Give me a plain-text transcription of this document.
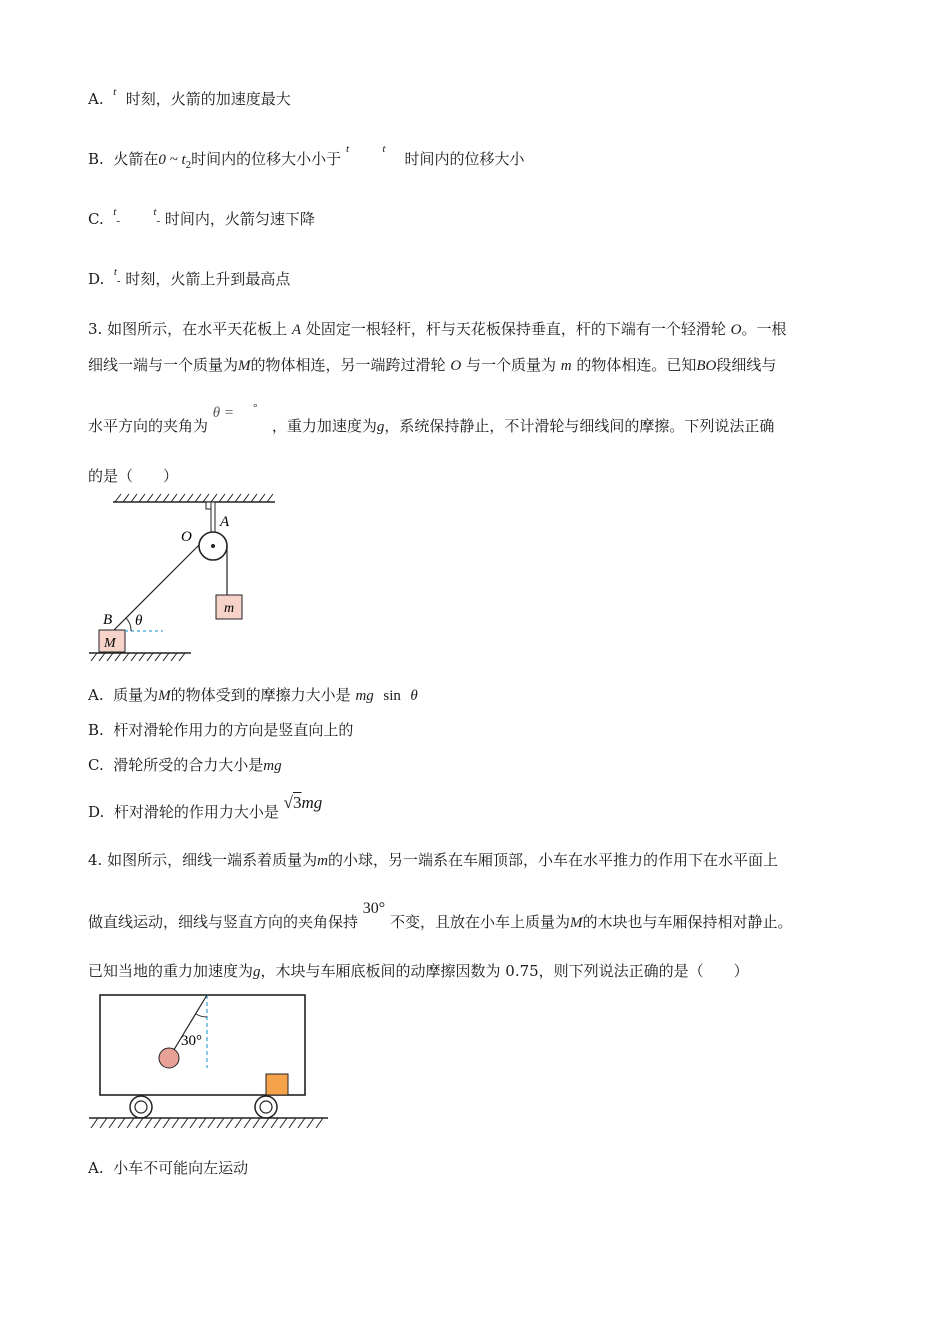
A. $^t$ 时刻，火箭的加速度最大
B. 火箭在0 ~ $t_2$时间内的位移大小小于 $^t$	$^t$    时间内的位移大小
C. $^t$-       $^t$- 时间内，火箭匀速下降
D. $^t$- 时刻，火箭上升到最高点
3. 如图所示，在水平天花板上 A 处固定一根轻杆，杆与天花板保持垂直，杆的下端有一个轻滑轮 O。一根
细线一端与一个质量为M的物体相连，另一端跨过滑轮 O 与一个质量为 m 的物体相连。已知BO段细线与
水平方向的夹角为 θ = °   ，重力加速度为g，系统保持静止，不计滑轮与细线间的摩擦。下列说法正确
的是（　　）
m
M
O
A
B θ
A. 质量为M的物体受到的摩擦力大小是 mg sin θ
B. 杆对滑轮作用力的方向是竖直向上的
C. 滑轮所受的合力大小是mg
D. 杆对滑轮的作用力大小是 √3mg
4. 如图所示，细线一端系着质量为m的小球，另一端系在车厢顶部，小车在水平推力的作用下在水平面上
做直线运动，细线与竖直方向的夹角保持 30° 不变，且放在小车上质量为M的木块也与车厢保持相对静止。
已知当地的重力加速度为g，木块与车厢底板间的动摩擦因数为 0.75，则下列说法正确的是（　　）
30°
A. 小车不可能向左运动
